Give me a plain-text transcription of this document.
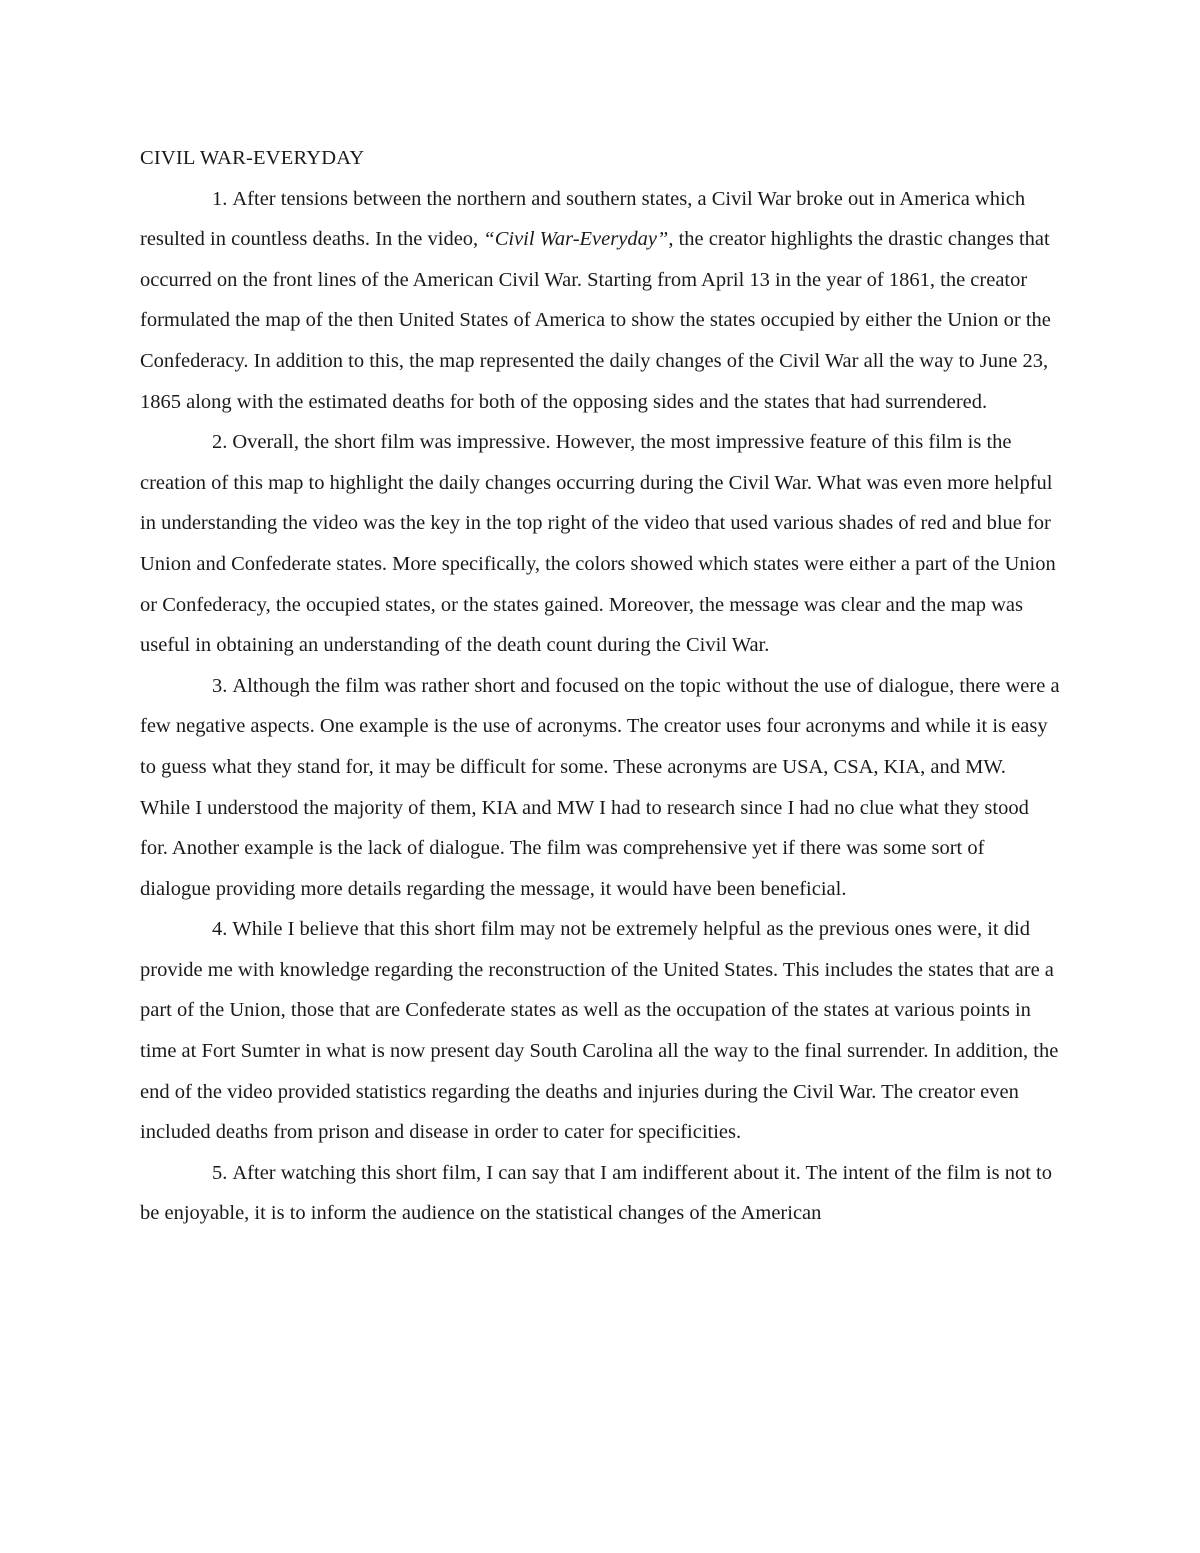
CIVIL WAR-EVERYDAY

1. After tensions between the northern and southern states, a Civil War broke out in America which resulted in countless deaths. In the video, “Civil War-Everyday”, the creator highlights the drastic changes that occurred on the front lines of the American Civil War. Starting from April 13 in the year of 1861, the creator formulated the map of the then United States of America to show the states occupied by either the Union or the Confederacy. In addition to this, the map represented the daily changes of the Civil War all the way to June 23, 1865 along with the estimated deaths for both of the opposing sides and the states that had surrendered.

2. Overall, the short film was impressive. However, the most impressive feature of this film is the creation of this map to highlight the daily changes occurring during the Civil War. What was even more helpful in understanding the video was the key in the top right of the video that used various shades of red and blue for Union and Confederate states. More specifically, the colors showed which states were either a part of the Union or Confederacy, the occupied states, or the states gained. Moreover, the message was clear and the map was useful in obtaining an understanding of the death count during the Civil War.

3. Although the film was rather short and focused on the topic without the use of dialogue, there were a few negative aspects. One example is the use of acronyms. The creator uses four acronyms and while it is easy to guess what they stand for, it may be difficult for some. These acronyms are USA, CSA, KIA, and MW. While I understood the majority of them, KIA and MW I had to research since I had no clue what they stood for. Another example is the lack of dialogue. The film was comprehensive yet if there was some sort of dialogue providing more details regarding the message, it would have been beneficial.

4. While I believe that this short film may not be extremely helpful as the previous ones were, it did provide me with knowledge regarding the reconstruction of the United States. This includes the states that are a part of the Union, those that are Confederate states as well as the occupation of the states at various points in time at Fort Sumter in what is now present day South Carolina all the way to the final surrender. In addition, the end of the video provided statistics regarding the deaths and injuries during the Civil War. The creator even included deaths from prison and disease in order to cater for specificities.

5. After watching this short film, I can say that I am indifferent about it. The intent of the film is not to be enjoyable, it is to inform the audience on the statistical changes of the American
